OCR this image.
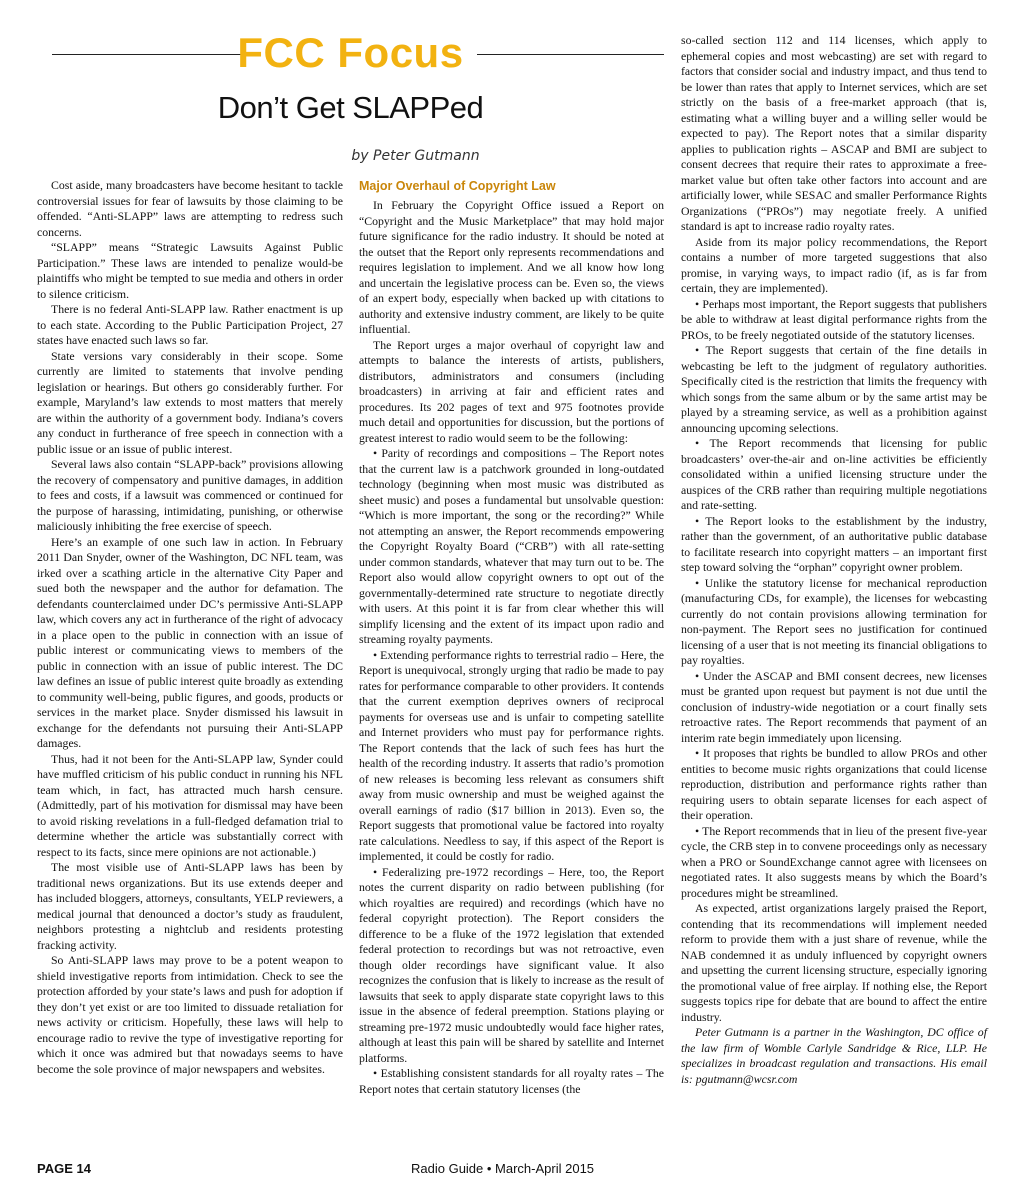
FCC Focus
Don’t Get SLAPPed
by Peter Gutmann

Cost aside, many broadcasters have become hesitant to tackle controversial issues for fear of lawsuits by those claiming to be offended. “Anti-SLAPP” laws are attempting to redress such concerns.

“SLAPP” means “Strategic Lawsuits Against Public Participation.” These laws are intended to penalize would-be plaintiffs who might be tempted to sue media and others in order to silence criticism.

There is no federal Anti-SLAPP law. Rather enactment is up to each state. According to the Public Participation Project, 27 states have enacted such laws so far.

State versions vary considerably in their scope. Some currently are limited to statements that involve pending legislation or hearings. But others go considerably further. For example, Maryland’s law extends to most matters that merely are within the authority of a government body. Indiana’s covers any conduct in furtherance of free speech in connection with a public issue or an issue of public interest.

Several laws also contain “SLAPP-back” provisions allowing the recovery of compensatory and punitive damages, in addition to fees and costs, if a lawsuit was commenced or continued for the purpose of harassing, intimidating, punishing, or otherwise maliciously inhibiting the free exercise of speech.

Here’s an example of one such law in action. In February 2011 Dan Snyder, owner of the Washington, DC NFL team, was irked over a scathing article in the alternative City Paper and sued both the newspaper and the author for defamation. The defendants counterclaimed under DC’s permissive Anti-SLAPP law, which covers any act in furtherance of the right of advocacy in a place open to the public in connection with an issue of public interest or communicating views to members of the public in connection with an issue of public interest. The DC law defines an issue of public interest quite broadly as extending to community well-being, public figures, and goods, products or services in the market place. Snyder dismissed his lawsuit in exchange for the defendants not pursuing their Anti-SLAPP damages.

Thus, had it not been for the Anti-SLAPP law, Synder could have muffled criticism of his public conduct in running his NFL team which, in fact, has attracted much harsh censure. (Admittedly, part of his motivation for dismissal may have been to avoid risking revelations in a full-fledged defamation trial to determine whether the article was substantially correct with respect to its facts, since mere opinions are not actionable.)

The most visible use of Anti-SLAPP laws has been by traditional news organizations. But its use extends deeper and has included bloggers, attorneys, consultants, YELP reviewers, a medical journal that denounced a doctor’s study as fraudulent, neighbors protesting a nightclub and residents protesting fracking activity.

So Anti-SLAPP laws may prove to be a potent weapon to shield investigative reports from intimidation. Check to see the protection afforded by your state’s laws and push for adoption if they don’t yet exist or are too limited to dissuade retaliation for news activity or criticism. Hopefully, these laws will help to encourage radio to revive the type of investigative reporting for which it once was admired but that nowadays seems to have become the sole province of major newspapers and websites.

Major Overhaul of Copyright Law

In February the Copyright Office issued a Report on “Copyright and the Music Marketplace” that may hold major future significance for the radio industry. It should be noted at the outset that the Report only represents recommendations and requires legislation to implement. And we all know how long and uncertain the legislative process can be. Even so, the views of an expert body, especially when backed up with citations to authority and extensive industry comment, are likely to be quite influential.

The Report urges a major overhaul of copyright law and attempts to balance the interests of artists, publishers, distributors, administrators and consumers (including broadcasters) in arriving at fair and efficient rates and procedures. Its 202 pages of text and 975 footnotes provide much detail and opportunities for discussion, but the portions of greatest interest to radio would seem to be the following:

• Parity of recordings and compositions – The Report notes that the current law is a patchwork grounded in long-outdated technology (beginning when most music was distributed as sheet music) and poses a fundamental but unsolvable question: “Which is more important, the song or the recording?” While not attempting an answer, the Report recommends empowering the Copyright Royalty Board (“CRB”) with all rate-setting under common standards, whatever that may turn out to be. The Report also would allow copyright owners to opt out of the governmentally-determined rate structure to negotiate directly with users. At this point it is far from clear whether this will simplify licensing and the extent of its impact upon radio and streaming royalty payments.

• Extending performance rights to terrestrial radio – Here, the Report is unequivocal, strongly urging that radio be made to pay rates for performance comparable to other providers. It contends that the current exemption deprives owners of reciprocal payments for overseas use and is unfair to competing satellite and Internet providers who must pay for performance rights. The Report contends that the lack of such fees has hurt the health of the recording industry. It asserts that radio’s promotion of new releases is becoming less relevant as consumers shift away from music ownership and must be weighed against the overall earnings of radio ($17 billion in 2013). Even so, the Report suggests that promotional value be factored into royalty rate calculations. Needless to say, if this aspect of the Report is implemented, it could be costly for radio.

• Federalizing pre-1972 recordings – Here, too, the Report notes the current disparity on radio between publishing (for which royalties are required) and recordings (which have no federal copyright protection). The Report considers the difference to be a fluke of the 1972 legislation that extended federal protection to recordings but was not retroactive, even though older recordings have significant value. It also recognizes the confusion that is likely to increase as the result of lawsuits that seek to apply disparate state copyright laws to this issue in the absence of federal preemption. Stations playing or streaming pre-1972 music undoubtedly would face higher rates, although at least this pain will be shared by satellite and Internet platforms.

• Establishing consistent standards for all royalty rates – The Report notes that certain statutory licenses (the

so-called section 112 and 114 licenses, which apply to ephemeral copies and most webcasting) are set with regard to factors that consider social and industry impact, and thus tend to be lower than rates that apply to Internet services, which are set strictly on the basis of a free-market approach (that is, estimating what a willing buyer and a willing seller would be expected to pay). The Report notes that a similar disparity applies to publication rights – ASCAP and BMI are subject to consent decrees that require their rates to approximate a free-market value but often take other factors into account and are artificially lower, while SESAC and smaller Performance Rights Organizations (“PROs”) may negotiate freely. A unified standard is apt to increase radio royalty rates.

Aside from its major policy recommendations, the Report contains a number of more targeted suggestions that also promise, in varying ways, to impact radio (if, as is far from certain, they are implemented).

• Perhaps most important, the Report suggests that publishers be able to withdraw at least digital performance rights from the PROs, to be freely negotiated outside of the statutory licenses.

• The Report suggests that certain of the fine details in webcasting be left to the judgment of regulatory authorities. Specifically cited is the restriction that limits the frequency with which songs from the same album or by the same artist may be played by a streaming service, as well as a prohibition against announcing upcoming selections.

• The Report recommends that licensing for public broadcasters’ over-the-air and on-line activities be efficiently consolidated within a unified licensing structure under the auspices of the CRB rather than requiring multiple negotiations and rate-setting.

• The Report looks to the establishment by the industry, rather than the government, of an authoritative public database to facilitate research into copyright matters – an important first step toward solving the “orphan” copyright owner problem.

• Unlike the statutory license for mechanical reproduction (manufacturing CDs, for example), the licenses for webcasting currently do not contain provisions allowing termination for non-payment. The Report sees no justification for continued licensing of a user that is not meeting its financial obligations to pay royalties.

• Under the ASCAP and BMI consent decrees, new licenses must be granted upon request but payment is not due until the conclusion of industry-wide negotiation or a court finally sets retroactive rates. The Report recommends that payment of an interim rate begin immediately upon licensing.

• It proposes that rights be bundled to allow PROs and other entities to become music rights organizations that could license reproduction, distribution and performance rights rather than requiring users to obtain separate licenses for each aspect of their operation.

• The Report recommends that in lieu of the present five-year cycle, the CRB step in to convene proceedings only as necessary when a PRO or SoundExchange cannot agree with licensees on negotiated rates. It also suggests means by which the Board’s procedures might be streamlined.

As expected, artist organizations largely praised the Report, contending that its recommendations will implement needed reform to provide them with a just share of revenue, while the NAB condemned it as unduly influenced by copyright owners and upsetting the current licensing structure, especially ignoring the promotional value of free airplay. If nothing else, the Report suggests topics ripe for debate that are bound to affect the entire industry.

Peter Gutmann is a partner in the Washington, DC office of the law firm of Womble Carlyle Sandridge & Rice, LLP. He specializes in broadcast regulation and transactions. His email is: pgutmann@wcsr.com

PAGE 14	Radio Guide • March-April 2015
